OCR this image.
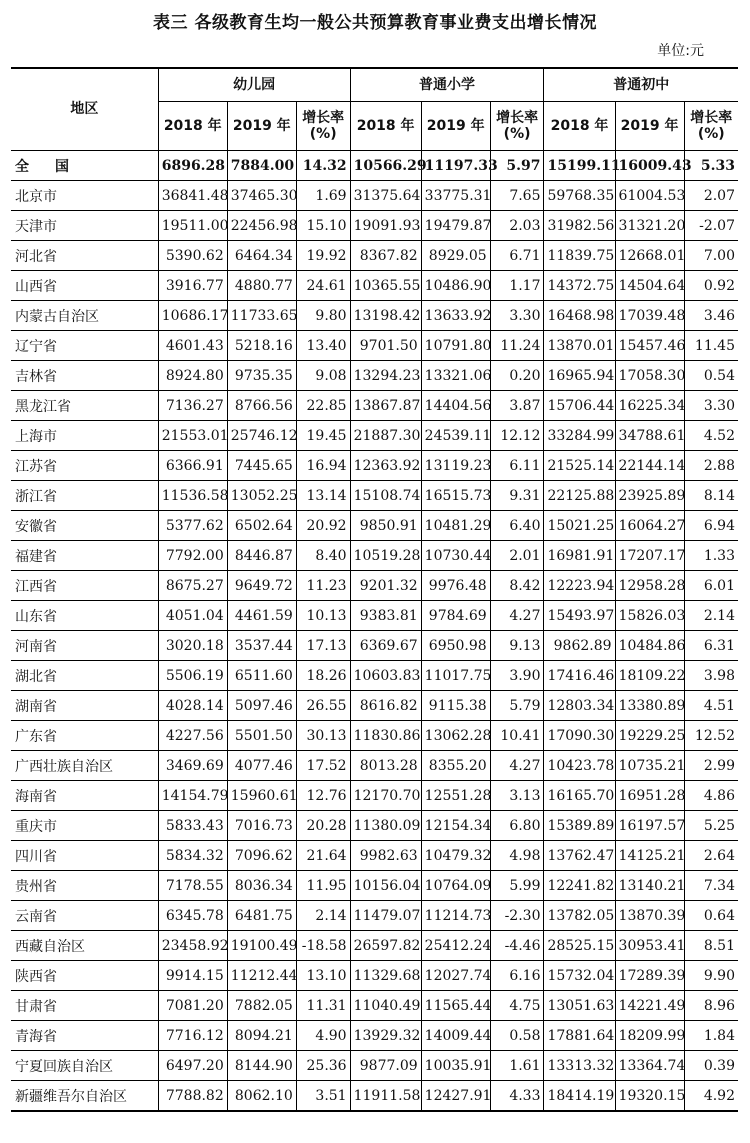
表三 各级教育生均一般公共预算教育事业费支出增长情况
单位:元
地区	幼儿园			普通小学			普通初中		
	2018 年	2019 年	增长率(%)	2018 年	2019 年	增长率(%)	2018 年	2019 年	增长率(%)
全　国	6896.28	7884.00	14.32	10566.29	11197.33	5.97	15199.11	16009.43	5.33
北京市	36841.48	37465.30	1.69	31375.64	33775.31	7.65	59768.35	61004.53	2.07
天津市	19511.00	22456.98	15.10	19091.93	19479.87	2.03	31982.56	31321.20	-2.07
河北省	5390.62	6464.34	19.92	8367.82	8929.05	6.71	11839.75	12668.01	7.00
山西省	3916.77	4880.77	24.61	10365.55	10486.90	1.17	14372.75	14504.64	0.92
内蒙古自治区	10686.17	11733.65	9.80	13198.42	13633.92	3.30	16468.98	17039.48	3.46
辽宁省	4601.43	5218.16	13.40	9701.50	10791.80	11.24	13870.01	15457.46	11.45
吉林省	8924.80	9735.35	9.08	13294.23	13321.06	0.20	16965.94	17058.30	0.54
黑龙江省	7136.27	8766.56	22.85	13867.87	14404.56	3.87	15706.44	16225.34	3.30
上海市	21553.01	25746.12	19.45	21887.30	24539.11	12.12	33284.99	34788.61	4.52
江苏省	6366.91	7445.65	16.94	12363.92	13119.23	6.11	21525.14	22144.14	2.88
浙江省	11536.58	13052.25	13.14	15108.74	16515.73	9.31	22125.88	23925.89	8.14
安徽省	5377.62	6502.64	20.92	9850.91	10481.29	6.40	15021.25	16064.27	6.94
福建省	7792.00	8446.87	8.40	10519.28	10730.44	2.01	16981.91	17207.17	1.33
江西省	8675.27	9649.72	11.23	9201.32	9976.48	8.42	12223.94	12958.28	6.01
山东省	4051.04	4461.59	10.13	9383.81	9784.69	4.27	15493.97	15826.03	2.14
河南省	3020.18	3537.44	17.13	6369.67	6950.98	9.13	9862.89	10484.86	6.31
湖北省	5506.19	6511.60	18.26	10603.83	11017.75	3.90	17416.46	18109.22	3.98
湖南省	4028.14	5097.46	26.55	8616.82	9115.38	5.79	12803.34	13380.89	4.51
广东省	4227.56	5501.50	30.13	11830.86	13062.28	10.41	17090.30	19229.25	12.52
广西壮族自治区	3469.69	4077.46	17.52	8013.28	8355.20	4.27	10423.78	10735.21	2.99
海南省	14154.79	15960.61	12.76	12170.70	12551.28	3.13	16165.70	16951.28	4.86
重庆市	5833.43	7016.73	20.28	11380.09	12154.34	6.80	15389.89	16197.57	5.25
四川省	5834.32	7096.62	21.64	9982.63	10479.32	4.98	13762.47	14125.21	2.64
贵州省	7178.55	8036.34	11.95	10156.04	10764.09	5.99	12241.82	13140.21	7.34
云南省	6345.78	6481.75	2.14	11479.07	11214.73	-2.30	13782.05	13870.39	0.64
西藏自治区	23458.92	19100.49	-18.58	26597.82	25412.24	-4.46	28525.15	30953.41	8.51
陕西省	9914.15	11212.44	13.10	11329.68	12027.74	6.16	15732.04	17289.39	9.90
甘肃省	7081.20	7882.05	11.31	11040.49	11565.44	4.75	13051.63	14221.49	8.96
青海省	7716.12	8094.21	4.90	13929.32	14009.44	0.58	17881.64	18209.99	1.84
宁夏回族自治区	6497.20	8144.90	25.36	9877.09	10035.91	1.61	13313.32	13364.74	0.39
新疆维吾尔自治区	7788.82	8062.10	3.51	11911.58	12427.91	4.33	18414.19	19320.15	4.92
